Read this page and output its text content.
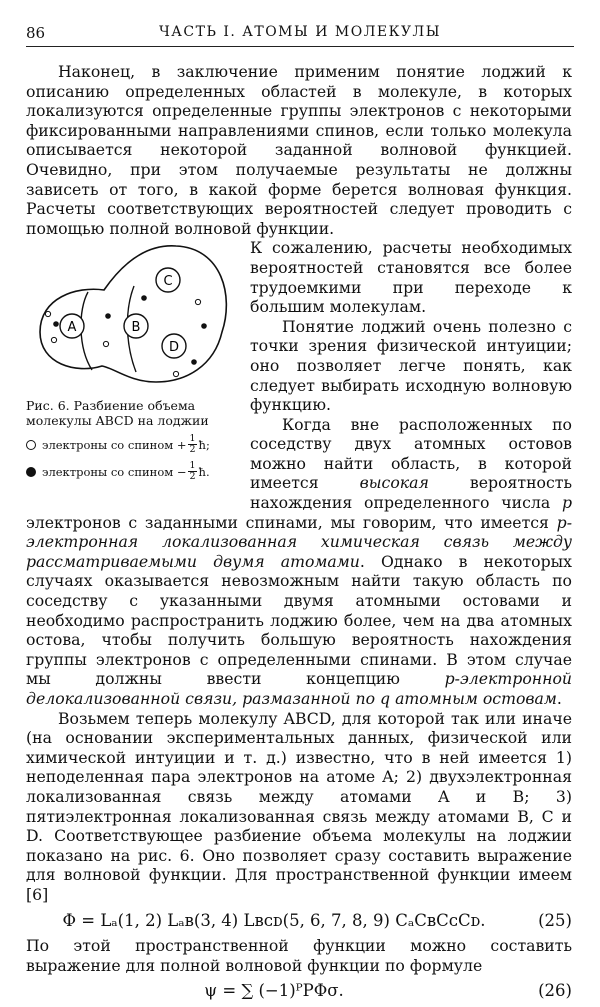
86	ЧАСТЬ I. АТОМЫ И МОЛЕКУЛЫ

Наконец, в заключение применим понятие лоджий к описанию определенных областей в молекуле, в которых локализуются определенные группы электронов с некоторыми фиксированными направлениями спинов, если только молекула описывается некоторой заданной волновой функцией. Очевидно, при этом получаемые результаты не должны зависеть от того, в какой форме берется волновая функция. Расчеты соответствующих вероятностей следует проводить с помощью полной волновой функции.

A	B
C
D
Рис. 6. Разбиение объема молекулы ABCD на лоджии
электроны со спином + $\frac{1}{2}$ ħ;
электроны со спином − $\frac{1}{2}$ ħ.
К сожалению, расчеты необходимых вероятностей становятся все более трудоемкими при переходе к большим молекулам.

Понятие лоджий очень полезно с точки зрения физической интуиции; оно позволяет легче понять, как следует выбирать исходную волновую функцию.

Когда вне расположенных по соседству двух атомных остовов можно найти область, в которой имеется высокая вероятность нахождения определенного числа p электронов с заданными спинами, мы говорим, что имеется p-электронная локализованная химическая связь между рассматриваемыми двумя атомами. Однако в некоторых случаях оказывается невозможным найти такую область по соседству с указанными двумя атомными остовами и необходимо распространить лоджию более, чем на два атомных остова, чтобы получить большую вероятность нахождения группы электронов с определенными спинами. В этом случае мы должны ввести концепцию p-электронной делокализованной связи, размазанной по q атомным остовам.

Возьмем теперь молекулу ABCD, для которой так или иначе (на основании экспериментальных данных, физической или химической интуиции и т. д.) известно, что в ней имеется 1) неподеленная пара электронов на атоме A; 2) двухэлектронная локализованная связь между атомами A и B; 3) пятиэлектронная локализованная связь между атомами B, C и D. Соответствующее разбиение объема молекулы на лоджии показано на рис. 6. Оно позволяет сразу составить выражение для волновой функции. Для пространственной функции имеем [6]

Φ = Lₐ(1, 2) Lₐʙ(3, 4) Lʙᴄᴅ(5, 6, 7, 8, 9) CₐCʙCᴄCᴅ.	(25)

По этой пространственной функции можно составить выражение для полной волновой функции по формуле

ψ = ∑ (−1)ᴾPΦσ.	(26)
